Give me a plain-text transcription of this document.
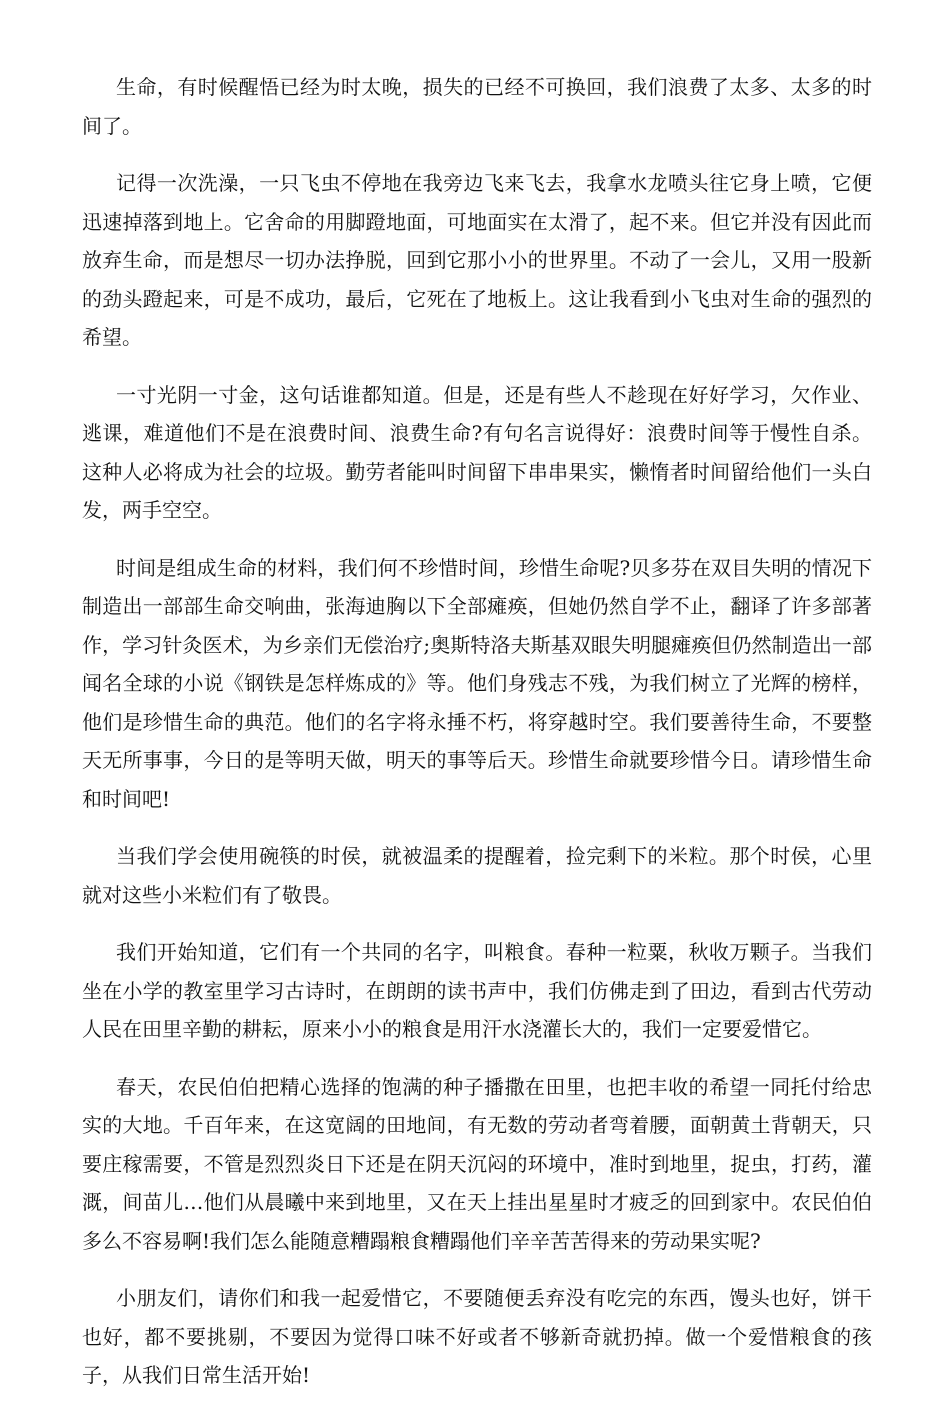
生命，有时候醒悟已经为时太晚，损失的已经不可换回，我们浪费了太多、太多的时间了。

记得一次洗澡，一只飞虫不停地在我旁边飞来飞去，我拿水龙喷头往它身上喷，它便迅速掉落到地上。它舍命的用脚蹬地面，可地面实在太滑了，起不来。但它并没有因此而放弃生命，而是想尽一切办法挣脱，回到它那小小的世界里。不动了一会儿，又用一股新的劲头蹬起来，可是不成功，最后，它死在了地板上。这让我看到小飞虫对生命的强烈的希望。

一寸光阴一寸金，这句话谁都知道。但是，还是有些人不趁现在好好学习，欠作业、逃课，难道他们不是在浪费时间、浪费生命?有句名言说得好：浪费时间等于慢性自杀。这种人必将成为社会的垃圾。勤劳者能叫时间留下串串果实，懒惰者时间留给他们一头白发，两手空空。

时间是组成生命的材料，我们何不珍惜时间，珍惜生命呢?贝多芬在双目失明的情况下制造出一部部生命交响曲，张海迪胸以下全部瘫痪，但她仍然自学不止，翻译了许多部著作，学习针灸医术，为乡亲们无偿治疗;奥斯特洛夫斯基双眼失明腿瘫痪但仍然制造出一部闻名全球的小说《钢铁是怎样炼成的》等。他们身残志不残，为我们树立了光辉的榜样，他们是珍惜生命的典范。他们的名字将永捶不朽，将穿越时空。我们要善待生命，不要整天无所事事，今日的是等明天做，明天的事等后天。珍惜生命就要珍惜今日。请珍惜生命和时间吧!

当我们学会使用碗筷的时侯，就被温柔的提醒着，捡完剩下的米粒。那个时侯，心里就对这些小米粒们有了敬畏。

我们开始知道，它们有一个共同的名字，叫粮食。春种一粒粟，秋收万颗子。当我们坐在小学的教室里学习古诗时，在朗朗的读书声中，我们仿佛走到了田边，看到古代劳动人民在田里辛勤的耕耘，原来小小的粮食是用汗水浇灌长大的，我们一定要爱惜它。

春天，农民伯伯把精心选择的饱满的种子播撒在田里，也把丰收的希望一同托付给忠实的大地。千百年来，在这宽阔的田地间，有无数的劳动者弯着腰，面朝黄土背朝天，只要庄稼需要，不管是烈烈炎日下还是在阴天沉闷的环境中，准时到地里，捉虫，打药，灌溉，间苗儿…他们从晨曦中来到地里，又在天上挂出星星时才疲乏的回到家中。农民伯伯多么不容易啊!我们怎么能随意糟蹋粮食糟蹋他们辛辛苦苦得来的劳动果实呢?

小朋友们，请你们和我一起爱惜它，不要随便丢弃没有吃完的东西，馒头也好，饼干也好，都不要挑剔，不要因为觉得口味不好或者不够新奇就扔掉。做一个爱惜粮食的孩子，从我们日常生活开始!
